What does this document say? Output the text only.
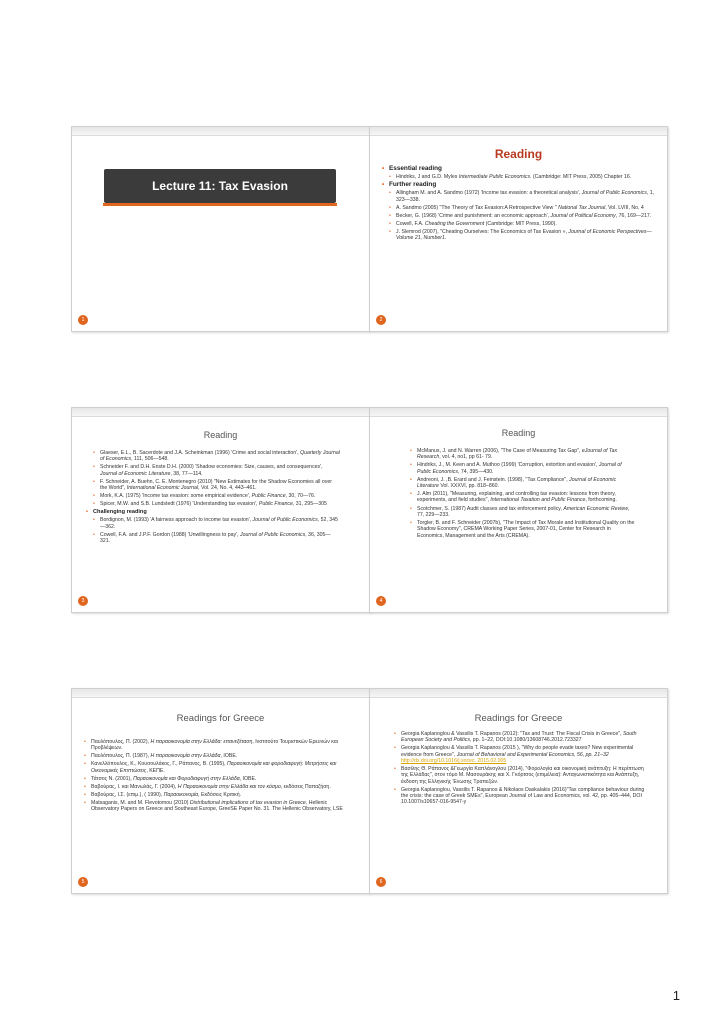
Lecture 11: Tax Evasion
1
Reading
• Essential reading
• Hindriks, J and G.D. Myles Intermediate Public Economics. (Cambridge: MIT Press, 2005) Chapter 16.
• Further reading
• Allingham M. and A. Sandmo (1972) 'Income tax evasion: a theoretical analysis', Journal of Public Economics, 1, 323—338.
• A. Sandmo (2005) "The Theory of Tax Evasion:A Retrospective View '' National Tax Journal, Vol. LVIII, No. 4
• Becker, G. (1968) 'Crime and punishment: an economic approach', Journal of Political Economy, 76, 169—217.
• Cowell, F.A. Cheating the Government (Cambridge: MIT Press, 1990).
• J. Slemrod (2007), "Cheating Ourselves: The Economics of Tax Evasion », Journal of Economic Perspectives—Volume 21, Number1.
2
Reading
• Glaeser, E.L., B. Sacerdote and J.A. Scheinkman (1996) 'Crime and social interaction', Quarterly Journal of Economics, 111, 506—548.
• Schneider F. and D.H. Enste D.H. (2000) 'Shadow economies: Size, causes, and consequences', Journal of Economic Literature, 38, 77—114.
• F. Schneider, A. Buehn, C. E. Montenegro (2010) "New Estimates for the Shadow Economies all over the World", International Economic Journal, Vol. 24, No. 4, 443–461.
• Mork, K.A. (1975) 'Income tax evasion: some empirical evidence', Public Finance, 30, 70—76.
• Spicer, M.W. and S.B. Lundstedt (1976) 'Understanding tax evasion', Public Finance, 31, 295—305
• Challenging reading
• Bordignon, M. (1993) 'A fairness approach to income tax evasion', Journal of Public Economics, 52, 345—362.
• Cowell, F.A. and J.P.F. Gordon (1988) 'Unwillingness to pay', Journal of Public Economics, 36, 305—321.
3
Reading
• McManus, J. and N. Warren (2006), "The Case of Measuring Tax Gap", eJournal of Tax Research, vol. 4, no1, pp 61- 79.
• Hindriks, J., M. Keen and A. Muthoo (1999) 'Corruption, extortion and evasion', Journal of Public Economics, 74, 395—430.
• Andreoni, J. ,B. Erard and J. Feinstein. (1998), ''Tax Compliance'', Journal of Economic Literature Vol. XXXVI, pp. 818–860.
• J. Alm (2011), "Measuring, explaining, and controlling tax evasion: lessons from theory, experiments, and field studies", International Taxation and Public Finance, forthcoming.
• Scotchmer, S. (1987) Audit classes and tax enforcement policy, American Economic Review, 77, 229—233.
• Torgler, B. and F. Schneider (2007b), "The Impact of Tax Morale and Institutional Quality on the Shadow Economy", CREMA Working Paper Series, 2007-01, Center for Research in Economics, Management and the Arts (CREMA).
4
Readings for Greece
• Παυλόπουλος, Π. (2002), Η παραοικονομία στην Ελλάδα: επανεξέταση, Ινστιτούτο Τουριστικών Ερευνών και Προβλέψεων.
• Παυλόπουλος, Π. (1987), Η παραοικονομία στην Ελλάδα, ΙΟΒΕ.
• Κανελλόπουλος, Κ., Κουσουλάκος, Γ., Ράπανος, Β. (1995), Παραοικονομία και φοροδιαφυγή: Μετρήσεις και Οικονομικές Επιπτώσεις, ΚΕΠΕ.
• Τάτσος Ν. (2001), Παραοικονομία και Φοροδιαφυγή στην Ελλάδα, ΙΟΒΕ.
• Βαβούρας, Ι. και Μανωλάς, Γ. (2004), Η Παραοικονομία στην Ελλάδα και τον κόσμο, εκδόσεις Παπαζήση.
• Βαβούρας, Ι.Σ. (επιμ.), ( 1990), Παραοικονομία, Εκδόσεις Κριτική.
• Matsaganis, M. and M. Flevotomou (2010) Distributional implications of tax evasion in Greece, Hellenic Observatory Papers on Greece and Southeast Europe, GreeSE Paper No. 31. The Hellenic Observatory, LSE
5
Readings for Greece
• Georgia Kaplanoglou & Vassilis T. Rapanos (2012): "Tax and Trust: The Fiscal Crisis in Greece", South European Society and Politics, pp. 1–22, DOI:10.1080/13608746.2012.723327
• Georgia Kaplanoglou & Vassilis T. Rapanos (2015 ), "Why do people evade taxes? New experimental evidence from Greece", Journal of Behavioral and Experimental Economics, 56, pp. 21–32
http://dx.doi.org/10.1016/j.socec. 2015.02.005
• Βασίλης Θ. Ράπανος &Γεωργία Καπλάνογλου (2014), "Φορολογία και οικονομική ανάπτυξη: Η περίπτωση της Ελλάδας", στον τόμο Μ. Μασουράκης και Χ. Γκόρτσος (επιμέλεια): Ανταγωνιστικότητα και Ανάπτυξη, έκδοση της Ελληνικής Ένωσης Τραπεζών.
• Georgia Kaplanoglou, Vassilis T. Rapanos & Nikolaos Daskalakis (2016)"Tax compliance behaviour during the crisis: the case of Greek SMEs", European Journal of Law and Economics, vol. 42, pp. 405–444, DOI 10.1007/s10657-016-9547-y
6
1
